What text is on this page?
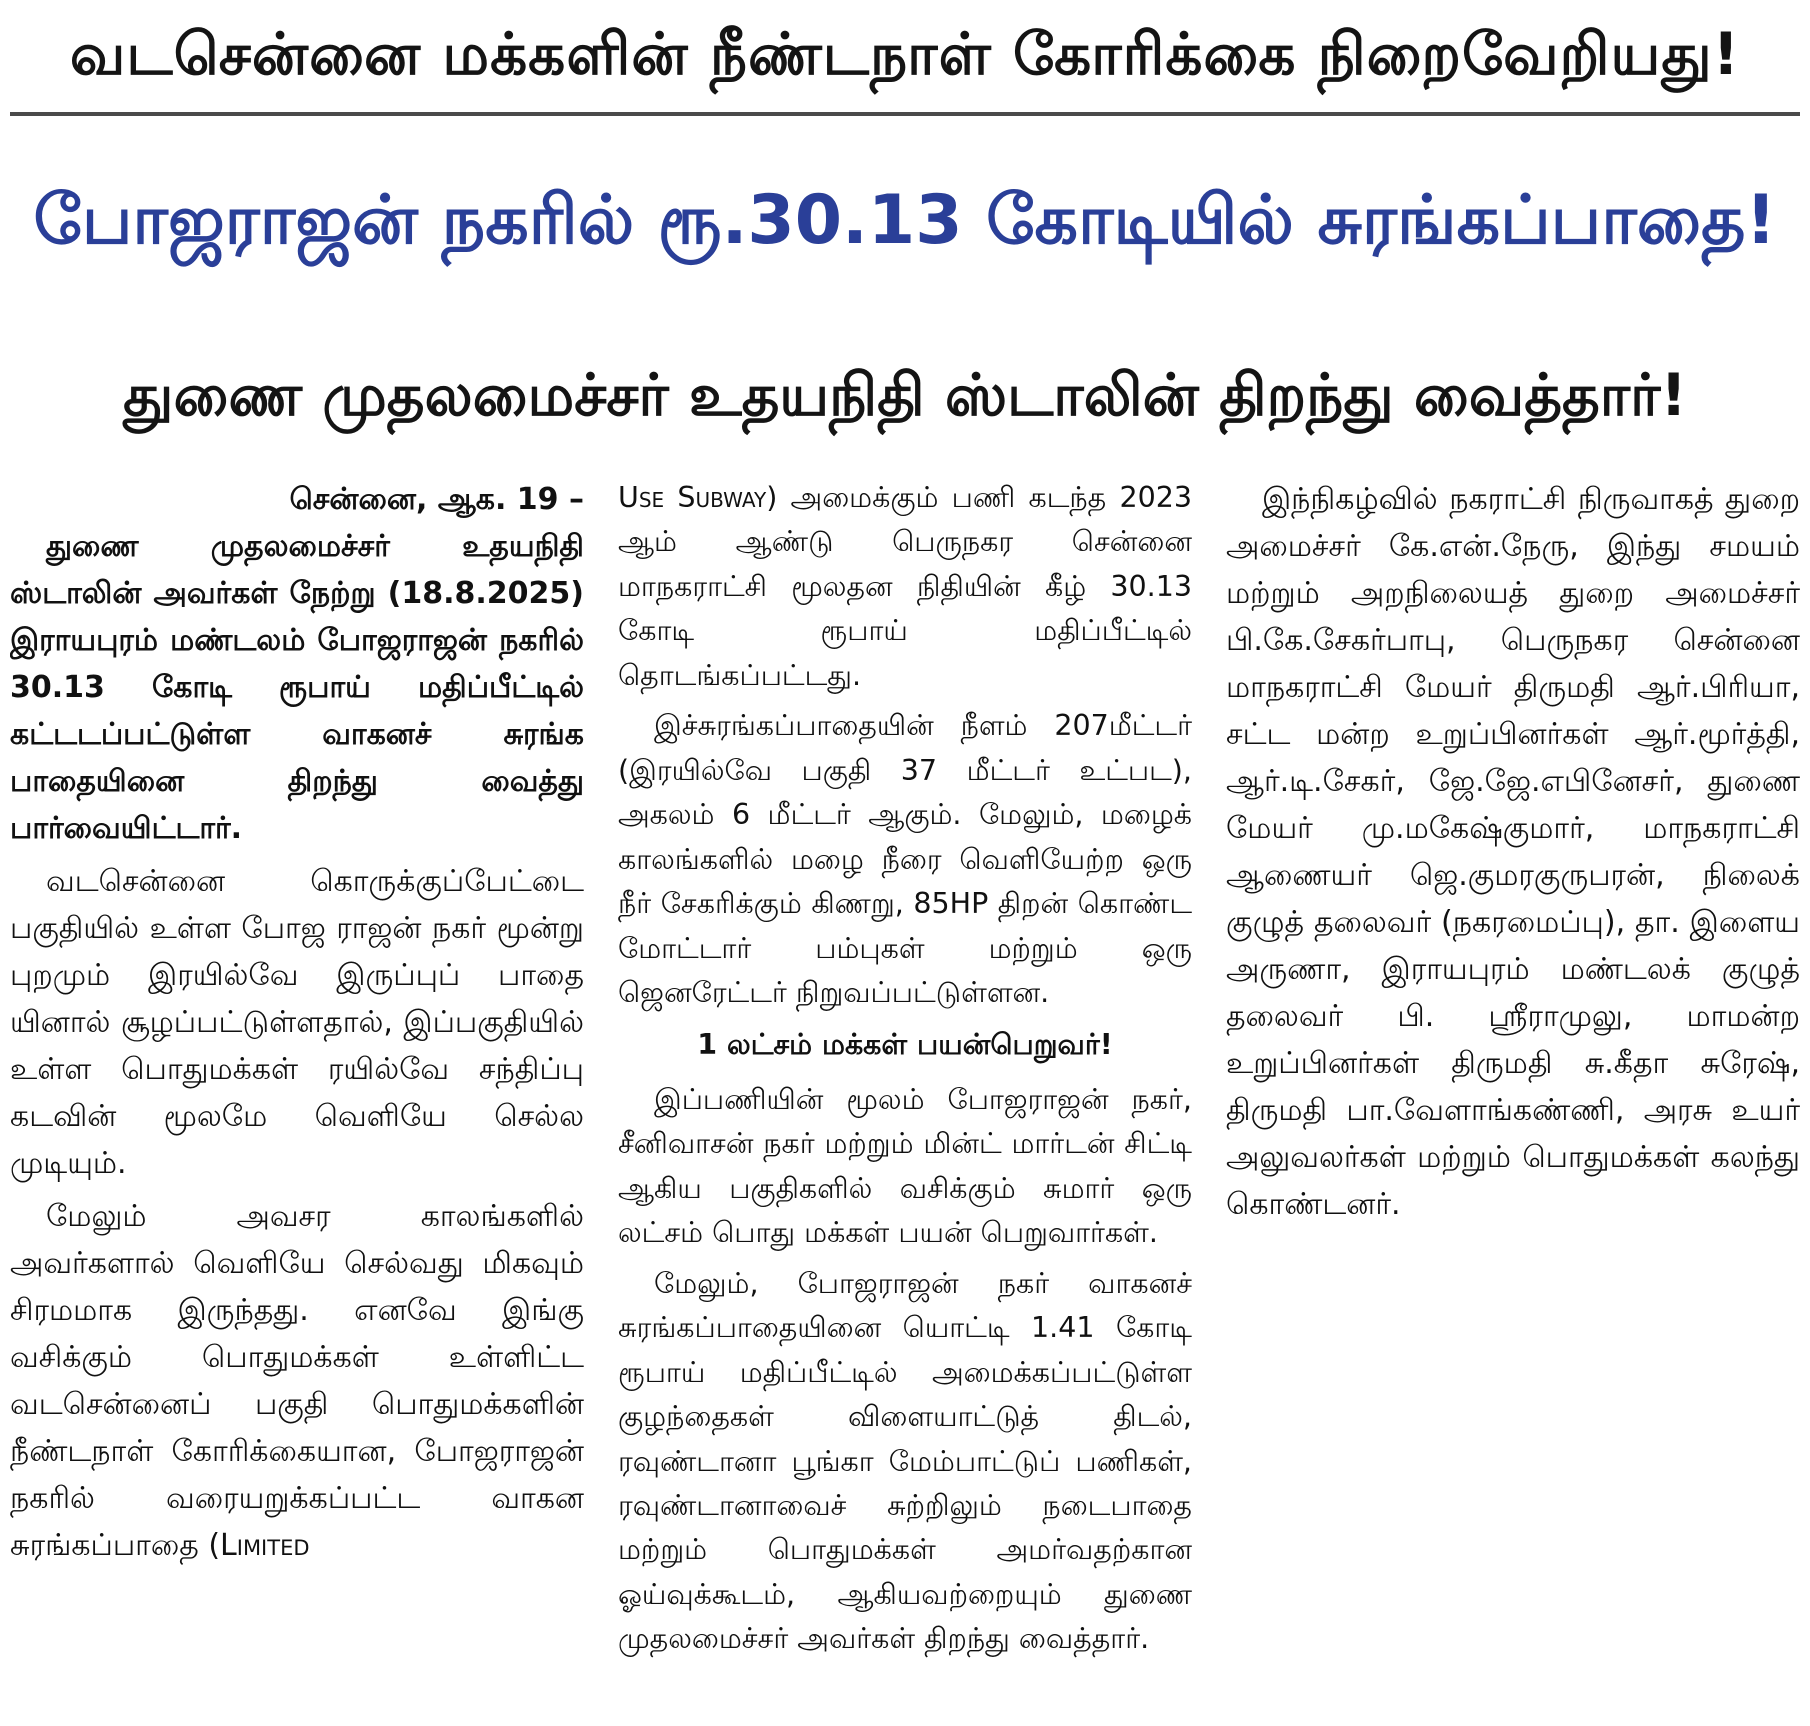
வடசென்னை மக்களின் நீண்டநாள் கோரிக்கை நிறைவேறியது!
போஜராஜன் நகரில் ரூ.30.13 கோடியில் சுரங்கப்பாதை!
துணை முதலமைச்சர் உதயநிதி ஸ்டாலின் திறந்து வைத்தார்!
சென்னை, ஆக. 19 –

துணை முதலமைச்சர் உதயநிதி ஸ்டாலின் அவர்கள் நேற்று (18.8.2025) இராயபுரம் மண்டலம் போஜராஜன் நகரில் 30.13 கோடி ரூபாய் மதிப்பீட்டில் கட்டடப்பட்டுள்ள வாகனச் சுரங்க பாதையினை திறந்து வைத்து பார்வையிட்டார்.

வடசென்னை கொருக்குப்பேட்டை பகுதியில் உள்ள போஜ ராஜன் நகர் மூன்று புறமும் இரயில்வே இருப்புப் பாதை யினால் சூழப்பட்டுள்ளதால், இப்பகுதியில் உள்ள பொதுமக்கள் ரயில்வே சந்திப்பு கடவின் மூலமே வெளியே செல்ல முடியும்.

மேலும் அவசர காலங்களில் அவர்களால் வெளியே செல்வது மிகவும் சிரமமாக இருந்தது. எனவே இங்கு வசிக்கும் பொதுமக்கள் உள்ளிட்ட வடசென்னைப் பகுதி பொதுமக்களின் நீண்டநாள் கோரிக்கையான, போஜராஜன் நகரில் வரையறுக்கப்பட்ட வாகன சுரங்கப்பாதை (Limited

Use Subway) அமைக்கும் பணி கடந்த 2023 ஆம் ஆண்டு பெருநகர சென்னை மாநகராட்சி மூலதன நிதியின் கீழ் 30.13 கோடி ரூபாய் மதிப்பீட்டில் தொடங்கப்பட்டது.

இச்சுரங்கப்பாதையின் நீளம் 207மீட்டர் (இரயில்வே பகுதி 37 மீட்டர் உட்பட), அகலம் 6 மீட்டர் ஆகும். மேலும், மழைக் காலங்களில் மழை நீரை வெளியேற்ற ஒரு நீர் சேகரிக்கும் கிணறு, 85HP திறன் கொண்ட மோட்டார் பம்புகள் மற்றும் ஒரு ஜெனரேட்டர் நிறுவப்பட்டுள்ளன.

1 லட்சம் மக்கள் பயன்பெறுவர்!

இப்பணியின் மூலம் போஜராஜன் நகர், சீனிவாசன் நகர் மற்றும் மின்ட் மார்டன் சிட்டி ஆகிய பகுதிகளில் வசிக்கும் சுமார் ஒரு லட்சம் பொது மக்கள் பயன் பெறுவார்கள்.

மேலும், போஜராஜன் நகர் வாகனச் சுரங்கப்பாதையினை யொட்டி 1.41 கோடி ரூபாய் மதிப்பீட்டில் அமைக்கப்பட்டுள்ள குழந்தைகள் விளையாட்டுத் திடல், ரவுண்டானா பூங்கா மேம்பாட்டுப் பணிகள், ரவுண்டானாவைச் சுற்றிலும் நடைபாதை மற்றும் பொதுமக்கள் அமர்வதற்கான ஓய்வுக்கூடம், ஆகியவற்றையும் துணை முதலமைச்சர் அவர்கள் திறந்து வைத்தார்.

இந்நிகழ்வில் நகராட்சி நிருவாகத் துறை அமைச்சர் கே.என்.நேரு, இந்து சமயம் மற்றும் அறநிலையத் துறை அமைச்சர் பி.கே.சேகர்பாபு, பெருநகர சென்னை மாநகராட்சி மேயர் திருமதி ஆர்.பிரியா, சட்ட மன்ற உறுப்பினர்கள் ஆர்.மூர்த்தி, ஆர்.டி.சேகர், ஜே.ஜே.எபினேசர், துணை மேயர் மு.மகேஷ்குமார், மாநகராட்சி ஆணையர் ஜெ.குமரகுருபரன், நிலைக் குழுத் தலைவர் (நகரமைப்பு), தா. இளைய அருணா, இராயபுரம் மண்டலக் குழுத் தலைவர் பி. ஸ்ரீராமுலு, மாமன்ற உறுப்பினர்கள் திருமதி சு.கீதா சுரேஷ், திருமதி பா.வேளாங்கண்ணி, அரசு உயர் அலுவலர்கள் மற்றும் பொதுமக்கள் கலந்து கொண்டனர்.
